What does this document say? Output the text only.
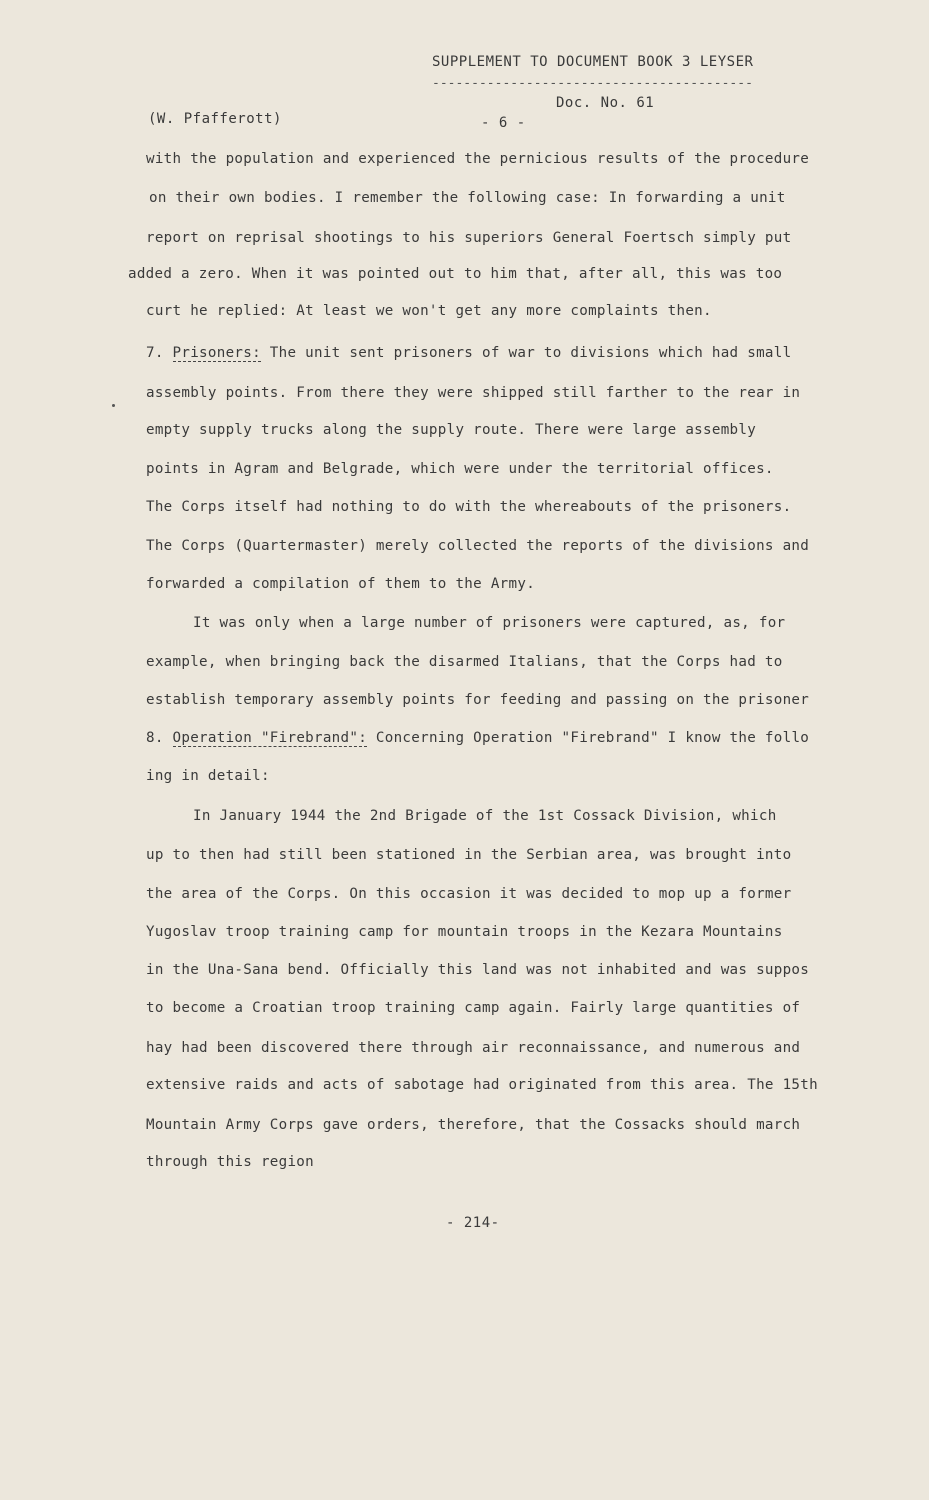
SUPPLEMENT TO DOCUMENT BOOK 3 LEYSER
-----------------------------------------
Doc. No. 61
(W. Pfafferott)	- 6 -
with the population and experienced the pernicious results of the procedure
on their own bodies. I remember the following case: In forwarding a unit
report on reprisal shootings to his superiors General Foertsch simply put
added a zero. When it was pointed out to him that, after all, this was too
curt he replied: At least we won't get any more complaints then.
7. Prisoners: The unit sent prisoners of war to divisions which had small
assembly points. From there they were shipped still farther to the rear in
empty supply trucks along the supply route. There were large assembly
points in Agram and Belgrade, which were under the territorial offices.
The Corps itself had nothing to do with the whereabouts of the prisoners.
The Corps (Quartermaster) merely collected the reports of the divisions and
forwarded a compilation of them to the Army.
It was only when a large number of prisoners were captured, as, for
example, when bringing back the disarmed Italians, that the Corps had to
establish temporary assembly points for feeding and passing on the prisoner
8. Operation "Firebrand": Concerning Operation "Firebrand" I know the follo
ing in detail:
In January 1944 the 2nd Brigade of the 1st Cossack Division, which
up to then had still been stationed in the Serbian area, was brought into
the area of the Corps. On this occasion it was decided to mop up a former
Yugoslav troop training camp for mountain troops in the Kezara Mountains
in the Una-Sana bend. Officially this land was not inhabited and was suppos
to become a Croatian troop training camp again. Fairly large quantities of
hay had been discovered there through air reconnaissance, and numerous and
extensive raids and acts of sabotage had originated from this area. The 15th
Mountain Army Corps gave orders, therefore, that the Cossacks should march
through this region
- 214-
